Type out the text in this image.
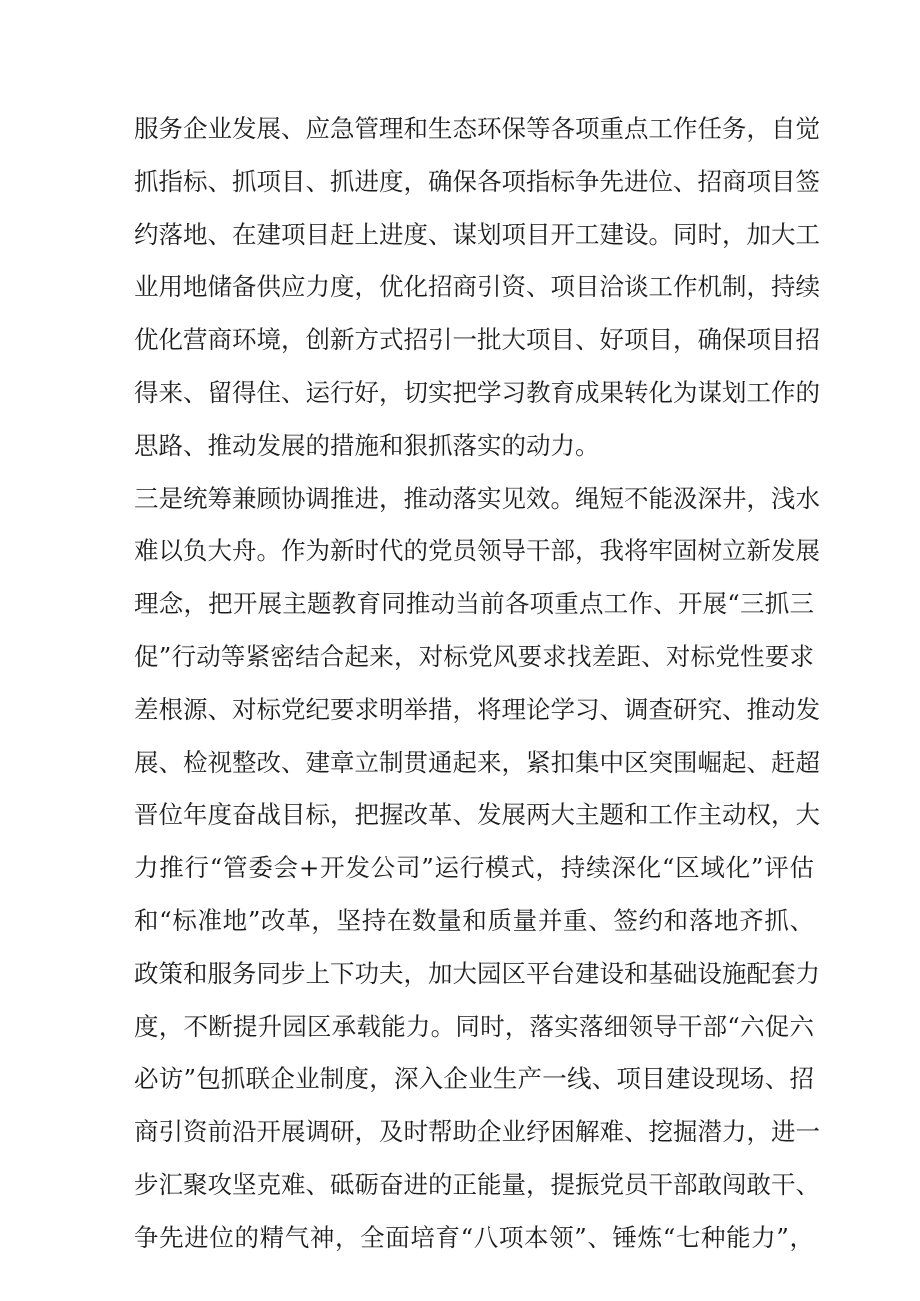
服务企业发展、应急管理和生态环保等各项重点工作任务，自觉
抓指标、抓项目、抓进度，确保各项指标争先进位、招商项目签
约落地、在建项目赶上进度、谋划项目开工建设。同时，加大工
业用地储备供应力度，优化招商引资、项目洽谈工作机制，持续
优化营商环境，创新方式招引一批大项目、好项目，确保项目招
得来、留得住、运行好，切实把学习教育成果转化为谋划工作的
思路、推动发展的措施和狠抓落实的动力。
三是统筹兼顾协调推进，推动落实见效。绳短不能汲深井，浅水
难以负大舟。作为新时代的党员领导干部，我将牢固树立新发展
理念，把开展主题教育同推动当前各项重点工作、开展“三抓三
促”行动等紧密结合起来，对标党风要求找差距、对标党性要求
差根源、对标党纪要求明举措，将理论学习、调查研究、推动发
展、检视整改、建章立制贯通起来，紧扣集中区突围崛起、赶超
晋位年度奋战目标，把握改革、发展两大主题和工作主动权，大
力推行“管委会+开发公司”运行模式，持续深化“区域化”评估
和“标准地”改革，坚持在数量和质量并重、签约和落地齐抓、
政策和服务同步上下功夫，加大园区平台建设和基础设施配套力
度，不断提升园区承载能力。同时，落实落细领导干部“六促六
必访”包抓联企业制度，深入企业生产一线、项目建设现场、招
商引资前沿开展调研，及时帮助企业纾困解难、挖掘潜力，进一
步汇聚攻坚克难、砥砺奋进的正能量，提振党员干部敢闯敢干、
争先进位的精气神，全面培育“八项本领”、锤炼“七种能力”，
